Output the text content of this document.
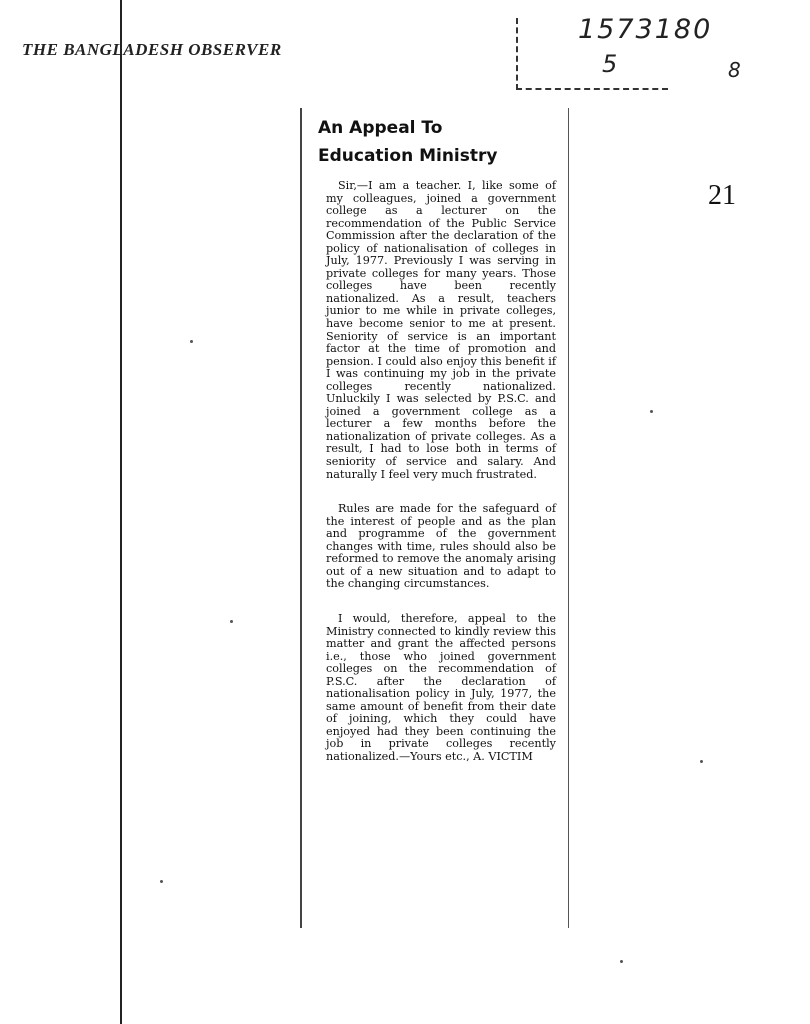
THE BANGLADESH OBSERVER
1573180
5	8
21
An Appeal To
Education Ministry

Sir,—I am a teacher. I, like some of my colleagues, joined a government college as a lecturer on the recommendation of the Public Service Commission after the declaration of the policy of nationalisation of colleges in July, 1977. Previously I was serving in private colleges for many years. Those colleges have been recently nationalized. As a result, teachers junior to me while in private colleges, have become senior to me at present. Seniority of service is an important factor at the time of promotion and pension. I could also enjoy this benefit if I was continuing my job in the private colleges recently nationalized. Unluckily I was selected by P.S.C. and joined a government college as a lecturer a few months before the nationalization of private colleges. As a result, I had to lose both in terms of seniority of service and salary. And naturally I feel very much frustrated.

Rules are made for the safeguard of the interest of people and as the plan and programme of the government changes with time, rules should also be reformed to remove the anomaly arising out of a new situation and to adapt to the changing circumstances.

I would, therefore, appeal to the Ministry connected to kindly review this matter and grant the affected persons i.e., those who joined government colleges on the recommendation of P.S.C. after the declaration of nationalisation policy in July, 1977, the same amount of benefit from their date of joining, which they could have enjoyed had they been continuing the job in private colleges recently nationalized.—Yours etc., A. VICTIM
